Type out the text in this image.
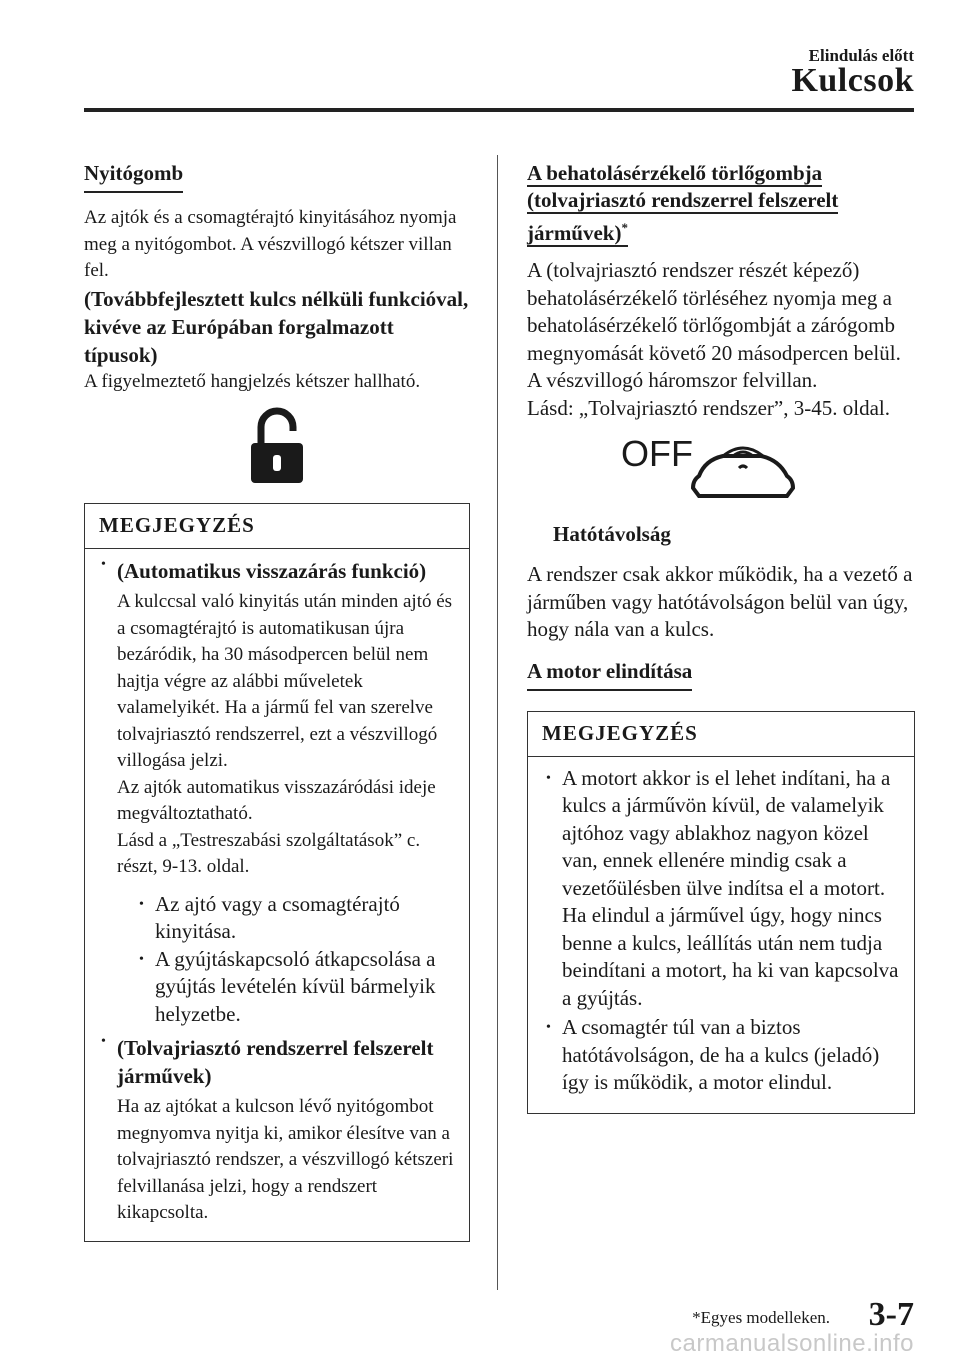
Elindulás előtt
Kulcsok
Nyitógomb

Az ajtók és a csomagtérajtó kinyitásához nyomja meg a nyitógombot. A vészvillogó kétszer villan fel.

(Továbbfejlesztett kulcs nélküli funkcióval, kivéve az Európában forgalmazott típusok)

A figyelmeztető hangjelzés kétszer hallható.

MEGJEGYZÉS

• (Automatikus visszazárás funkció)

A kulccsal való kinyitás után minden ajtó és a csomagtérajtó is automatikusan újra bezáródik, ha 30 másodpercen belül nem hajtja végre az alábbi műveletek valamelyikét. Ha a jármű fel van szerelve tolvajriasztó rendszerrel, ezt a vészvillogó villogása jelzi.

Az ajtók automatikus visszazáródási ideje megváltoztatható.

Lásd a „Testreszabási szolgáltatások” c. részt, 9-13. oldal.

• Az ajtó vagy a csomagtérajtó kinyitása.
• A gyújtáskapcsoló átkapcsolása a gyújtás levételén kívül bármelyik helyzetbe.

• (Tolvajriasztó rendszerrel felszerelt járművek)

Ha az ajtókat a kulcson lévő nyitógombot megnyomva nyitja ki, amikor élesítve van a tolvajriasztó rendszer, a vészvillogó kétszeri felvillanása jelzi, hogy a rendszert kikapcsolta.

A behatolásérzékelő törlőgombja
(tolvajriasztó rendszerrel felszerelt
járművek)*

A (tolvajriasztó rendszer részét képező) behatolásérzékelő törléséhez nyomja meg a behatolásérzékelő törlőgombját a zárógomb megnyomását követő 20 másodpercen belül. A vészvillogó háromszor felvillan.

Lásd: „Tolvajriasztó rendszer”, 3-45. oldal.

OFF
Hatótávolság

A rendszer csak akkor működik, ha a vezető a járműben vagy hatótávolságon belül van úgy, hogy nála van a kulcs.

A motor elindítása
MEGJEGYZÉS
• A motort akkor is el lehet indítani, ha a kulcs a járművön kívül, de valamelyik ajtóhoz vagy ablakhoz nagyon közel van, ennek ellenére mindig csak a vezetőülésben ülve indítsa el a motort.
Ha elindul a járművel úgy, hogy nincs benne a kulcs, leállítás után nem tudja beindítani a motort, ha ki van kapcsolva a gyújtás.
• A csomagtér túl van a biztos hatótávolságon, de ha a kulcs (jeladó) így is működik, a motor elindul.
*Egyes modelleken. 3-7
carmanualsonline.info
